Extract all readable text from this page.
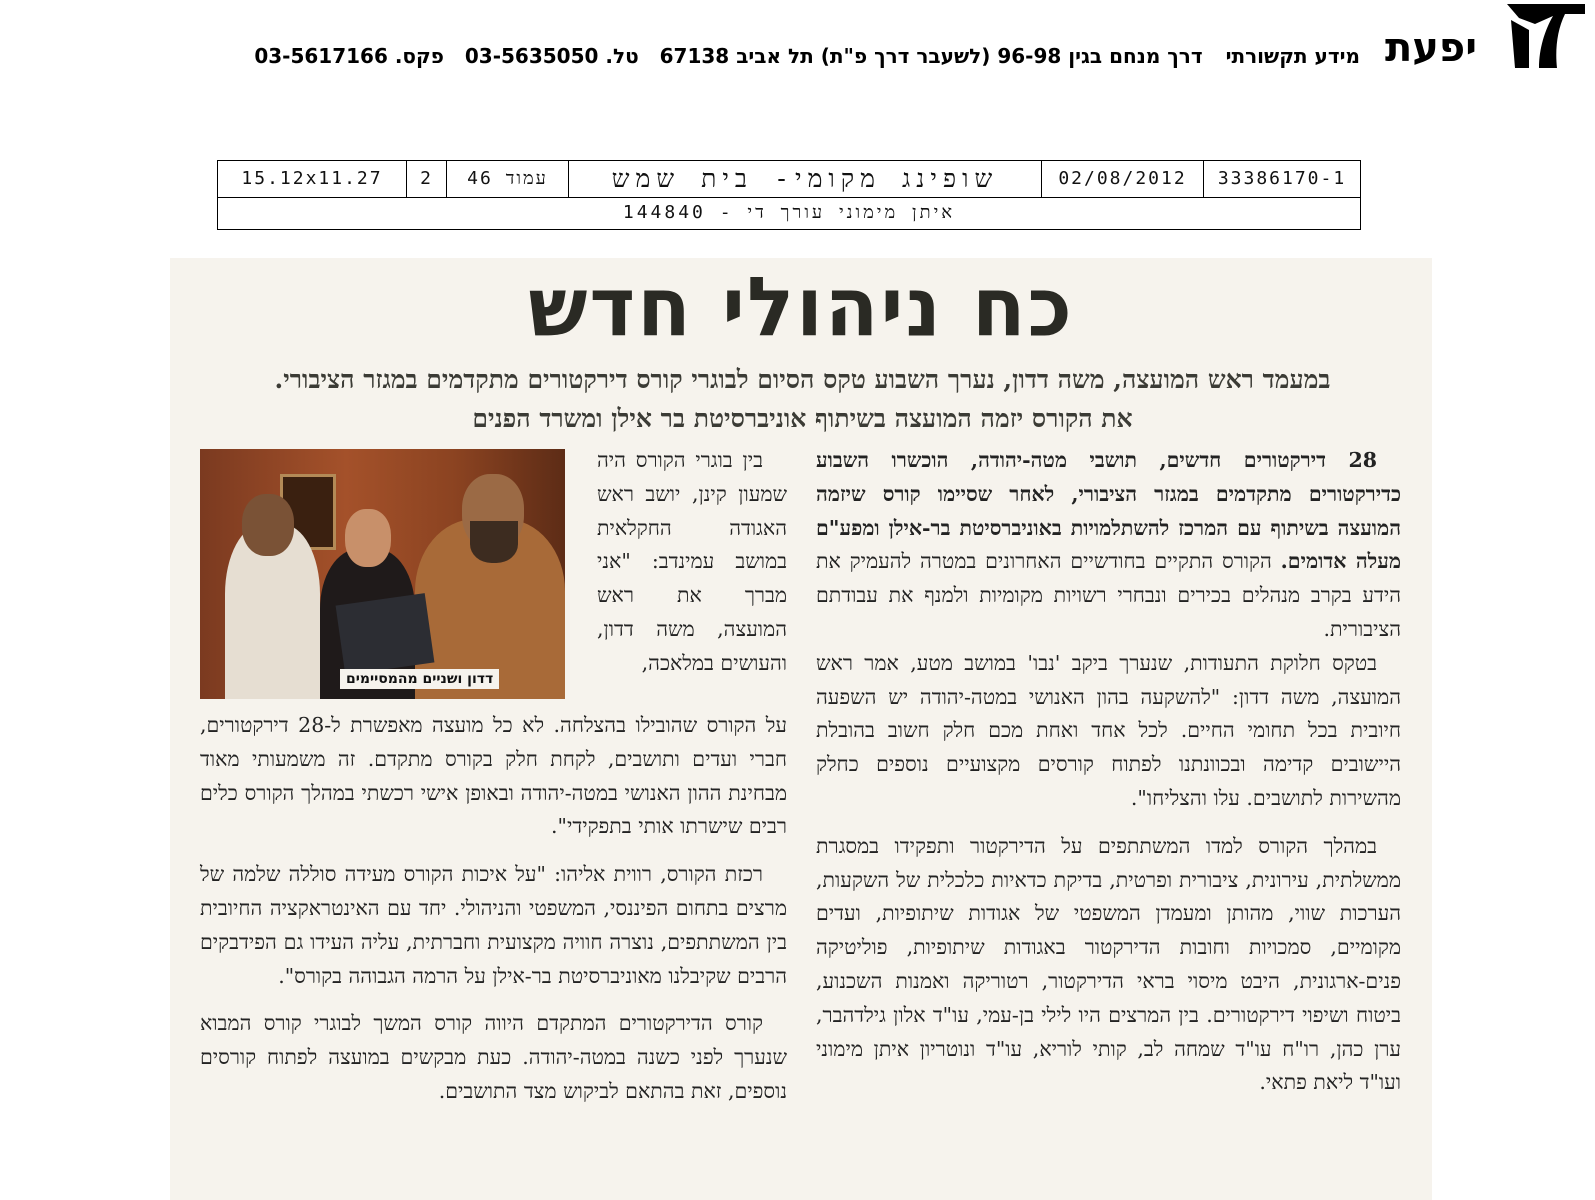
יפעת
מידע תקשורתי דרך מנחם בגין 96-98 (לשעבר דרך פ"ת) תל אביב 67138 טל. 03-5635050 פקס. 03-5617166
15.12x11.27	2	עמוד 46	שופינג מקומי- בית שמש	02/08/2012	33386170-1
איתן מימוני עורך די - 144840
כח ניהולי חדש
במעמד ראש המועצה, משה דדון, נערך השבוע טקס הסיום לבוגרי קורס דירקטורים מתקדמים במגזר הציבורי. את הקורס יזמה המועצה בשיתוף אוניברסיטת בר אילן ומשרד הפנים

28 דירקטורים חדשים, תושבי מטה-יהודה, הוכשרו השבוע כדירקטורים מתקדמים במגזר הציבורי, לאחר שסיימו קורס שיזמה המועצה בשיתוף עם המרכז להשתלמויות באוניברסיטת בר-אילן ומפע"ם מעלה אדומים. הקורס התקיים בחודשיים האחרונים במטרה להעמיק את הידע בקרב מנהלים בכירים ונבחרי רשויות מקומיות ולמנף את עבודתם הציבורית.

בטקס חלוקת התעודות, שנערך ביקב 'נבו' במושב מטע, אמר ראש המועצה, משה דדון: "להשקעה בהון האנושי במטה-יהודה יש השפעה חיובית בכל תחומי החיים. לכל אחד ואחת מכם חלק חשוב בהובלת היישובים קדימה ובכוונתנו לפתוח קורסים מקצועיים נוספים כחלק מהשירות לתושבים. עלו והצליחו".

במהלך הקורס למדו המשתתפים על הדירקטור ותפקידו במסגרת ממשלתית, עירונית, ציבורית ופרטית, בדיקת כדאיות כלכלית של השקעות, הערכות שווי, מהותן ומעמדן המשפטי של אגודות שיתופיות, ועדים מקומיים, סמכויות וחובות הדירקטור באגודות שיתופיות, פוליטיקה פנים-ארגונית, היבט מיסוי בראי הדירקטור, רטוריקה ואמנות השכנוע, ביטוח ושיפוי דירקטורים. בין המרצים היו לילי בן-עמי, עו"ד אלון גילדהבר, ערן כהן, רו"ח עו"ד שמחה לב, קותי לוריא, עו"ד ונוטריון איתן מימוני ועו"ד ליאת פתאי.

דדון ושניים מהמסיימים

בין בוגרי הקורס היה שמעון קינן, יושב ראש האגודה החקלאית במושב עמינדב: "אני מברך את ראש המועצה, משה דדון, והעושים במלאכה,

על הקורס שהובילו בהצלחה. לא כל מועצה מאפשרת ל-28 דירקטורים, חברי ועדים ותושבים, לקחת חלק בקורס מתקדם. זה משמעותי מאוד מבחינת ההון האנושי במטה-יהודה ובאופן אישי רכשתי במהלך הקורס כלים רבים שישרתו אותי בתפקידי".

רכזת הקורס, רווית אליהו: "על איכות הקורס מעידה סוללה שלמה של מרצים בתחום הפיננסי, המשפטי והניהולי. יחד עם האינטראקציה החיובית בין המשתתפים, נוצרה חוויה מקצועית וחברתית, עליה העידו גם הפידבקים הרבים שקיבלנו מאוניברסיטת בר-אילן על הרמה הגבוהה בקורס".

קורס הדירקטורים המתקדם היווה קורס המשך לבוגרי קורס המבוא שנערך לפני כשנה במטה-יהודה. כעת מבקשים במועצה לפתוח קורסים נוספים, זאת בהתאם לביקוש מצד התושבים.
